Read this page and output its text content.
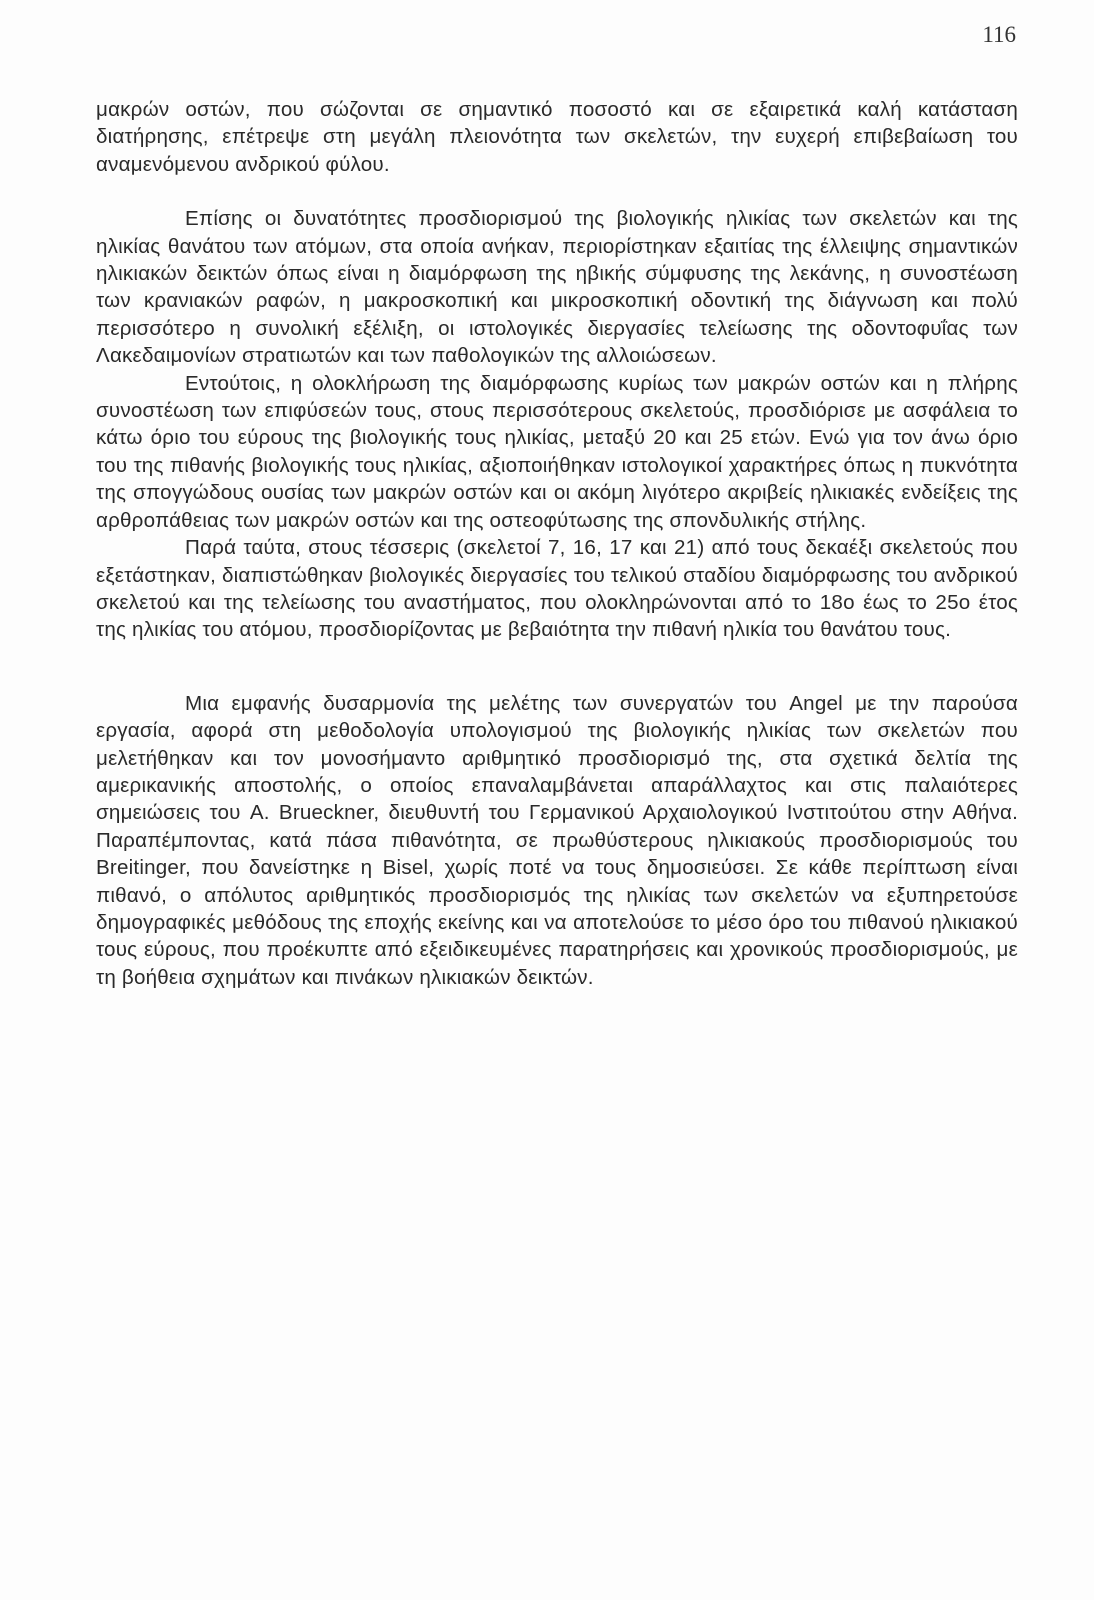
116

μακρών οστών, που σώζονται σε σημαντικό ποσοστό και σε εξαιρετικά καλή κατάσταση διατήρησης, επέτρεψε στη μεγάλη πλειονότητα των σκελετών, την ευχερή επιβεβαίωση του αναμενόμενου ανδρικού φύλου.

Επίσης οι δυνατότητες προσδιορισμού της βιολογικής ηλικίας των σκελετών και της ηλικίας θανάτου των ατόμων, στα οποία ανήκαν, περιορίστηκαν εξαιτίας της έλλειψης σημαντικών ηλικιακών δεικτών όπως είναι η διαμόρφωση της ηβικής σύμφυσης της λεκάνης, η συνοστέωση των κρανιακών ραφών, η μακροσκοπική και μικροσκοπική οδοντική της διάγνωση και πολύ περισσότερο η συνολική εξέλιξη, οι ιστολογικές διεργασίες τελείωσης της οδοντοφυΐας των Λακεδαιμονίων στρατιωτών και των παθολογικών της αλλοιώσεων.

Εντούτοις, η ολοκλήρωση της διαμόρφωσης κυρίως των μακρών οστών και η πλήρης συνοστέωση των επιφύσεών τους, στους περισσότερους σκελετούς, προσδιόρισε με ασφάλεια το κάτω όριο του εύρους της βιολογικής τους ηλικίας, μεταξύ 20 και 25 ετών. Ενώ για τον άνω όριο του της πιθανής βιολογικής τους ηλικίας, αξιοποιήθηκαν ιστολογικοί χαρακτήρες όπως η πυκνότητα της σπογγώδους ουσίας των μακρών οστών και οι ακόμη λιγότερο ακριβείς ηλικιακές ενδείξεις της αρθροπάθειας των μακρών οστών και της οστεοφύτωσης της σπονδυλικής στήλης.

Παρά ταύτα, στους τέσσερις (σκελετοί 7, 16, 17 και 21) από τους δεκαέξι σκελετούς που εξετάστηκαν, διαπιστώθηκαν βιολογικές διεργασίες του τελικού σταδίου διαμόρφωσης του ανδρικού σκελετού και της τελείωσης του αναστήματος, που ολοκληρώνονται από το 18ο έως το 25ο έτος της ηλικίας του ατόμου, προσδιορίζοντας με βεβαιότητα την πιθανή ηλικία του θανάτου τους.

Μια εμφανής δυσαρμονία της μελέτης των συνεργατών του Angel με την παρούσα εργασία, αφορά στη μεθοδολογία υπολογισμού της βιολογικής ηλικίας των σκελετών που μελετήθηκαν και τον μονοσήμαντο αριθμητικό προσδιορισμό της, στα σχετικά δελτία της αμερικανικής αποστολής, ο οποίος επαναλαμβάνεται απαράλλαχτος και στις παλαιότερες σημειώσεις του A. Brueckner, διευθυντή του Γερμανικού Αρχαιολογικού Ινστιτούτου στην Αθήνα. Παραπέμποντας, κατά πάσα πιθανότητα, σε πρωθύστερους ηλικιακούς προσδιορισμούς του Breitinger, που δανείστηκε η Bisel, χωρίς ποτέ να τους δημοσιεύσει. Σε κάθε περίπτωση είναι πιθανό, ο απόλυτος αριθμητικός προσδιορισμός της ηλικίας των σκελετών να εξυπηρετούσε δημογραφικές μεθόδους της εποχής εκείνης και να αποτελούσε το μέσο όρο του πιθανού ηλικιακού τους εύρους, που προέκυπτε από εξειδικευμένες παρατηρήσεις και χρονικούς προσδιορισμούς, με τη βοήθεια σχημάτων και πινάκων ηλικιακών δεικτών.
